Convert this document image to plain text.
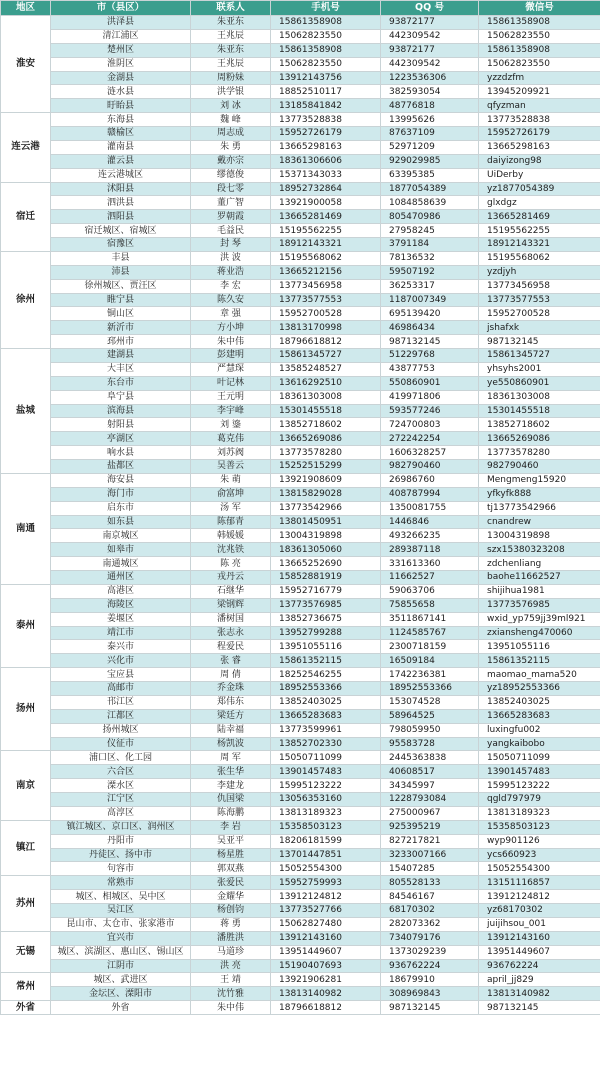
地区	市（县区）	联系人	手机号	QQ 号	微信号
淮安	洪泽县	朱亚东	15861358908	93872177	15861358908
	清江浦区	王兆辰	15062823550	442309542	15062823550
	楚州区	朱亚东	15861358908	93872177	15861358908
	淮阴区	王兆辰	15062823550	442309542	15062823550
	金湖县	周粉妹	13912143756	1223536306	yzzdzfm
	涟水县	洪学银	18852510117	382593054	13945209921
	盱眙县	刘 冰	13185841842	48776818	qfyzman
连云港	东海县	魏 峰	13773528838	13995626	13773528838
	赣榆区	周志成	15952726179	87637109	15952726179
	灌南县	朱 勇	13665298163	52971209	13665298163
	灌云县	戴亦宗	18361306606	929029985	daiyizong98
	连云港城区	缪德俊	15371343033	63395385	UiDerby
宿迁	沭阳县	段七零	18952732864	1877054389	yz1877054389
	泗洪县	董广智	13921900058	1084858639	glxdgz
	泗阳县	罗朝霞	13665281469	805470986	13665281469
	宿迁城区、宿城区	毛益民	15195562255	27958245	15195562255
	宿豫区	封 琴	18912143321	3791184	18912143321
徐州	丰县	洪 波	15195568062	78136532	15195568062
	沛县	蒋业浩	13665212156	59507192	yzdjyh
	徐州城区、贾汪区	李 宏	13773456958	36253317	13773456958
	睢宁县	陈久安	13773577553	1187007349	13773577553
	铜山区	章 强	15952700528	695139420	15952700528
	新沂市	方小坤	13813170998	46986434	jshafxk
	邳州市	朱中伟	18796618812	987132145	987132145
盐城	建湖县	彭建明	15861345727	51229768	15861345727
	大丰区	严慧琛	13585248527	43877753	yhsyhs2001
	东台市	叶记林	13616292510	550860901	ye550860901
	阜宁县	王元明	18361303008	419971806	18361303008
	滨海县	李宇峰	15301455518	593577246	15301455518
	射阳县	刘 鎏	13852718602	724700803	13852718602
	亭湖区	葛克伟	13665269086	272242254	13665269086
	响水县	刘苏阀	13773578280	1606328257	13773578280
	盐都区	吴善云	15252515299	982790460	982790460
南通	海安县	朱 萌	13921908609	26986760	Mengmeng15920
	海门市	俞富坤	13815829028	408787994	yfkyfk888
	启东市	汤 军	13773542966	1350081755	tj13773542966
	如东县	陈郁青	13801450951	1446846	cnandrew
	南京城区	韩媛媛	13004319898	493266235	13004319898
	如皋市	沈兆铁	18361305060	289387118	szx15380323208
	南通城区	陈 亮	13665252690	331613360	zdchenliang
	通州区	戎丹云	15852881919	11662527	baohe11662527
泰州	高港区	石继华	15952716779	59063706	shijihua1981
	海陵区	梁钢辉	13773576985	75855658	13773576985
	姜堰区	潘树国	13852736675	3511867141	wxid_yp759jj39ml921
	靖江市	张志永	13952799288	1124585767	zxiansheng470060
	泰兴市	程爱民	13951055116	2300718159	13951055116
	兴化市	张 睿	15861352115	16509184	15861352115
扬州	宝应县	周 倩	18252546255	1742236381	maomao_mama520
	高邮市	乔金珠	18952553366	18952553366	yz18952553366
	邗江区	郑伟东	13852403025	153074528	13852403025
	江都区	梁廷方	13665283683	58964525	13665283683
	扬州城区	陆幸福	13773599961	798059950	luxingfu002
	仪征市	杨凯波	13852702330	95583728	yangkaibobo
南京	浦口区、化工园	周 军	15050711099	2445363838	15050711099
	六合区	张生华	13901457483	40608517	13901457483
	溧水区	李建龙	15995123222	34345997	15995123222
	江宁区	仇国梁	13056353160	1228793084	qgld797979
	高淳区	陈海鹏	13813189323	275000967	13813189323
镇江	镇江城区、京口区、润州区	李 岩	15358503123	925395219	15358503123
	丹阳市	吴亚平	18206181599	827217821	wyp901126
	丹徒区、扬中市	杨星胜	13701447851	3233007166	ycs660923
	句容市	郭双燕	15052554300	15407285	15052554300
苏州	常熟市	张爱民	15952759993	805528133	13151116857
	城区、相城区、吴中区	金耀华	13912124812	84546167	13912124812
	吴江区	杨创钧	13773527766	68170302	yz68170302
	昆山市、太仓市、张家港市	蒋 勇	15062827480	282073362	juijihsou_001
无锡	宜兴市	潘胜洪	13912143160	734079176	13912143160
	城区、滨湖区、惠山区、锡山区	马道珍	13951449607	1373029239	13951449607
	江阴市	洪 亮	15190407693	936762224	936762224
常州	城区、武进区	王 靖	13921906281	18679910	april_jj829
	金坛区、溧阳市	沈竹雅	13813140982	308969843	13813140982
外省	外省	朱中伟	18796618812	987132145	987132145
